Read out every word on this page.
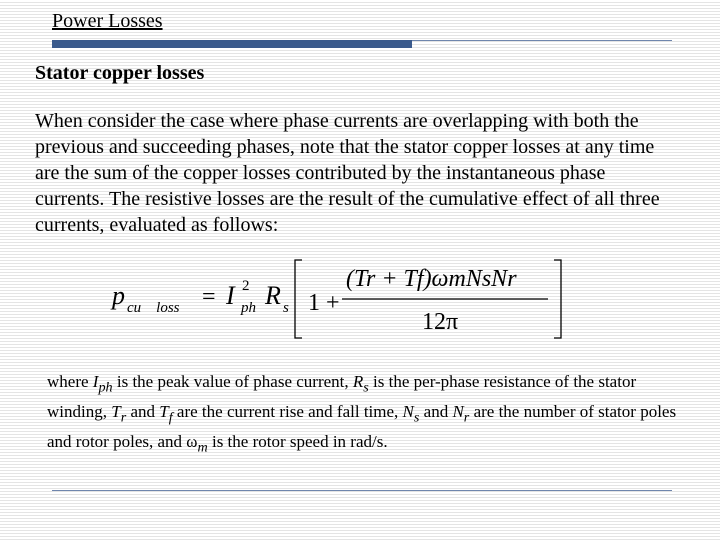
Power Losses
Stator copper losses
When consider the case where phase currents are overlapping with both the previous and succeeding phases, note that the stator copper losses at any time are the sum of the copper losses contributed by the instantaneous phase currents. The resistive losses are the result of the cumulative effect of all three currents, evaluated as follows:
p cu    loss = I 2
ph R s 1 +
(Tr + Tf)ωmNsNr
12π
where $I_{ph}$ is the peak value of phase current, $R_s$ is the per-phase resistance of the stator winding, $T_r$ and $T_f$ are the current rise and fall time, $N_s$ and $N_r$ are the number of stator poles and rotor poles, and $\omega_m$ is the rotor speed in rad/s.
